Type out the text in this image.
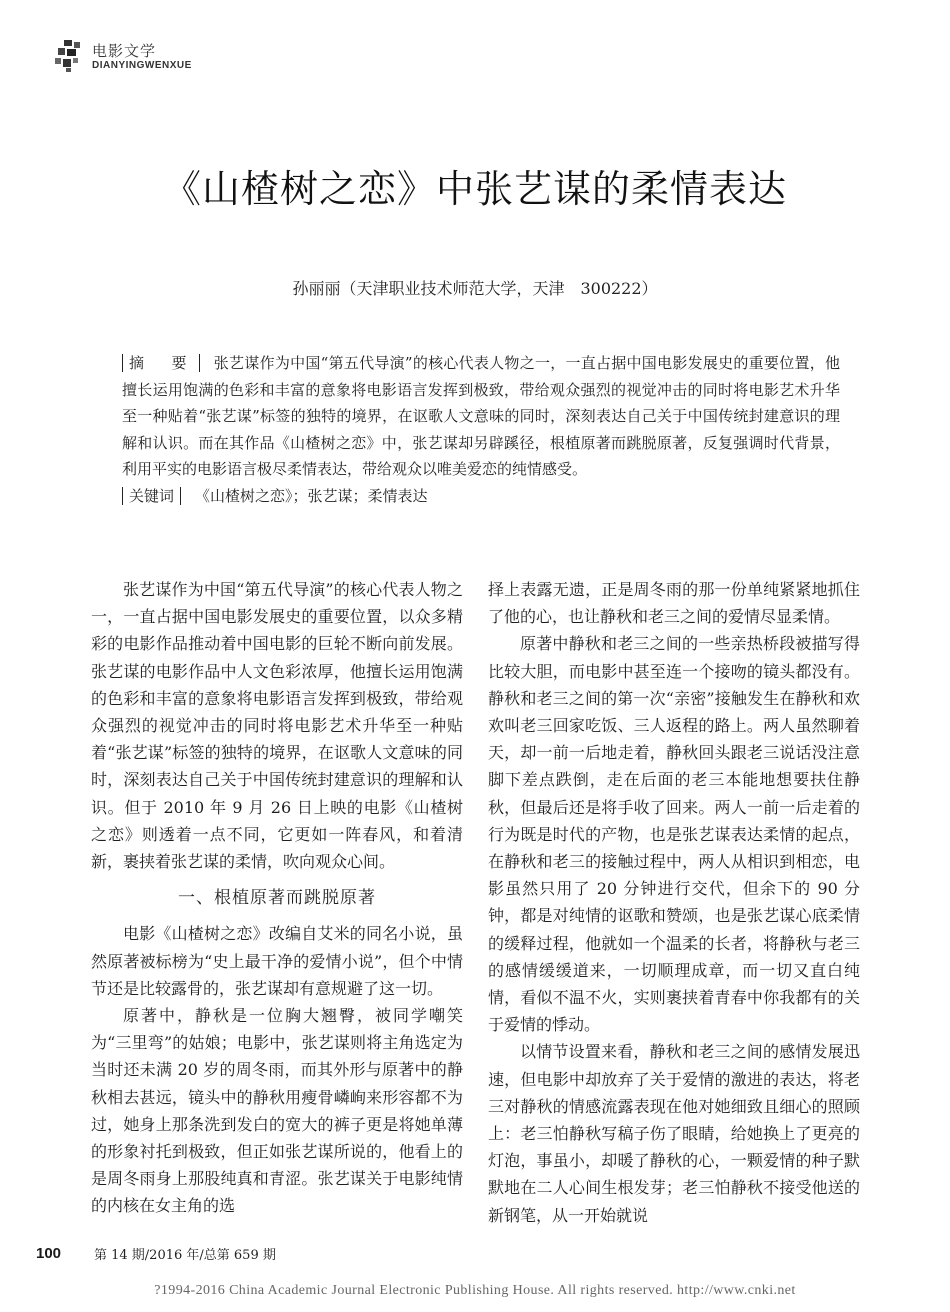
电影文学
DIANYINGWENXUE
《山楂树之恋》中张艺谋的柔情表达
孙丽丽（天津职业技术师范大学，天津　300222）

摘　要 张艺谋作为中国“第五代导演”的核心代表人物之一，一直占据中国电影发展史的重要位置，他擅长运用饱满的色彩和丰富的意象将电影语言发挥到极致，带给观众强烈的视觉冲击的同时将电影艺术升华至一种贴着“张艺谋”标签的独特的境界，在讴歌人文意味的同时，深刻表达自己关于中国传统封建意识的理解和认识。而在其作品《山楂树之恋》中，张艺谋却另辟蹊径，根植原著而跳脱原著，反复强调时代背景，利用平实的电影语言极尽柔情表达，带给观众以唯美爱恋的纯情感受。

关键词 《山楂树之恋》；张艺谋；柔情表达

张艺谋作为中国“第五代导演”的核心代表人物之一，一直占据中国电影发展史的重要位置，以众多精彩的电影作品推动着中国电影的巨轮不断向前发展。张艺谋的电影作品中人文色彩浓厚，他擅长运用饱满的色彩和丰富的意象将电影语言发挥到极致，带给观众强烈的视觉冲击的同时将电影艺术升华至一种贴着“张艺谋”标签的独特的境界，在讴歌人文意味的同时，深刻表达自己关于中国传统封建意识的理解和认识。但于 2010 年 9 月 26 日上映的电影《山楂树之恋》则透着一点不同，它更如一阵春风，和着清新，裹挟着张艺谋的柔情，吹向观众心间。

一、根植原著而跳脱原著

电影《山楂树之恋》改编自艾米的同名小说，虽然原著被标榜为“史上最干净的爱情小说”，但个中情节还是比较露骨的，张艺谋却有意规避了这一切。

原著中，静秋是一位胸大翘臀，被同学嘲笑为“三里弯”的姑娘；电影中，张艺谋则将主角选定为当时还未满 20 岁的周冬雨，而其外形与原著中的静秋相去甚远，镜头中的静秋用瘦骨嶙峋来形容都不为过，她身上那条洗到发白的宽大的裤子更是将她单薄的形象衬托到极致，但正如张艺谋所说的，他看上的是周冬雨身上那股纯真和青涩。张艺谋关于电影纯情的内核在女主角的选

择上表露无遗，正是周冬雨的那一份单纯紧紧地抓住了他的心，也让静秋和老三之间的爱情尽显柔情。

原著中静秋和老三之间的一些亲热桥段被描写得比较大胆，而电影中甚至连一个接吻的镜头都没有。静秋和老三之间的第一次“亲密”接触发生在静秋和欢欢叫老三回家吃饭、三人返程的路上。两人虽然聊着天，却一前一后地走着，静秋回头跟老三说话没注意脚下差点跌倒，走在后面的老三本能地想要扶住静秋，但最后还是将手收了回来。两人一前一后走着的行为既是时代的产物，也是张艺谋表达柔情的起点，在静秋和老三的接触过程中，两人从相识到相恋，电影虽然只用了 20 分钟进行交代，但余下的 90 分钟，都是对纯情的讴歌和赞颂，也是张艺谋心底柔情的缓释过程，他就如一个温柔的长者，将静秋与老三的感情缓缓道来，一切顺理成章，而一切又直白纯情，看似不温不火，实则裹挟着青春中你我都有的关于爱情的悸动。

以情节设置来看，静秋和老三之间的感情发展迅速，但电影中却放弃了关于爱情的激进的表达，将老三对静秋的情感流露表现在他对她细致且细心的照顾上：老三怕静秋写稿子伤了眼睛，给她换上了更亮的灯泡，事虽小，却暖了静秋的心，一颗爱情的种子默默地在二人心间生根发芽；老三怕静秋不接受他送的新钢笔，从一开始就说

100	第 14 期/2016 年/总第 659 期
?1994-2016 China Academic Journal Electronic Publishing House. All rights reserved. http://www.cnki.net
